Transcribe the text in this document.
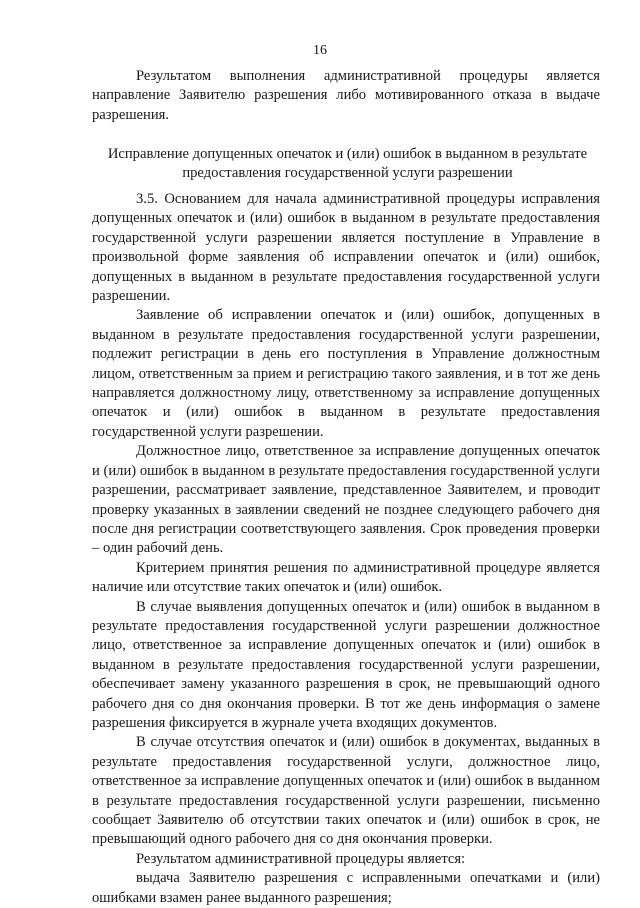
16

Результатом выполнения административной процедуры является направление Заявителю разрешения либо мотивированного отказа в выдаче разрешения.

Исправление допущенных опечаток и (или) ошибок в выданном в результате
предоставления государственной услуги разрешении

3.5. Основанием для начала административной процедуры исправления допущенных опечаток и (или) ошибок в выданном в результате предоставления государственной услуги разрешении является поступление в Управление в произвольной форме заявления об исправлении опечаток и (или) ошибок, допущенных в выданном в результате предоставления государственной услуги разрешении.

Заявление об исправлении опечаток и (или) ошибок, допущенных в выданном в результате предоставления государственной услуги разрешении, подлежит регистрации в день его поступления в Управление должностным лицом, ответственным за прием и регистрацию такого заявления, и в тот же день направляется должностному лицу, ответственному за исправление допущенных опечаток и (или) ошибок в выданном в результате предоставления государственной услуги разрешении.

Должностное лицо, ответственное за исправление допущенных опечаток и (или) ошибок в выданном в результате предоставления государственной услуги разрешении, рассматривает заявление, представленное Заявителем, и проводит проверку указанных в заявлении сведений не позднее следующего рабочего дня после дня регистрации соответствующего заявления. Срок проведения проверки – один рабочий день.

Критерием принятия решения по административной процедуре является наличие или отсутствие таких опечаток и (или) ошибок.

В случае выявления допущенных опечаток и (или) ошибок в выданном в результате предоставления государственной услуги разрешении должностное лицо, ответственное за исправление допущенных опечаток и (или) ошибок в выданном в результате предоставления государственной услуги разрешении, обеспечивает замену указанного разрешения в срок, не превышающий одного рабочего дня со дня окончания проверки. В тот же день информация о замене разрешения фиксируется в журнале учета входящих документов.

В случае отсутствия опечаток и (или) ошибок в документах, выданных в результате предоставления государственной услуги, должностное лицо, ответственное за исправление допущенных опечаток и (или) ошибок в выданном в результате предоставления государственной услуги разрешении, письменно сообщает Заявителю об отсутствии таких опечаток и (или) ошибок в срок, не превышающий одного рабочего дня со дня окончания проверки.

Результатом административной процедуры является:

выдача Заявителю разрешения с исправленными опечатками и (или) ошибками взамен ранее выданного разрешения;
